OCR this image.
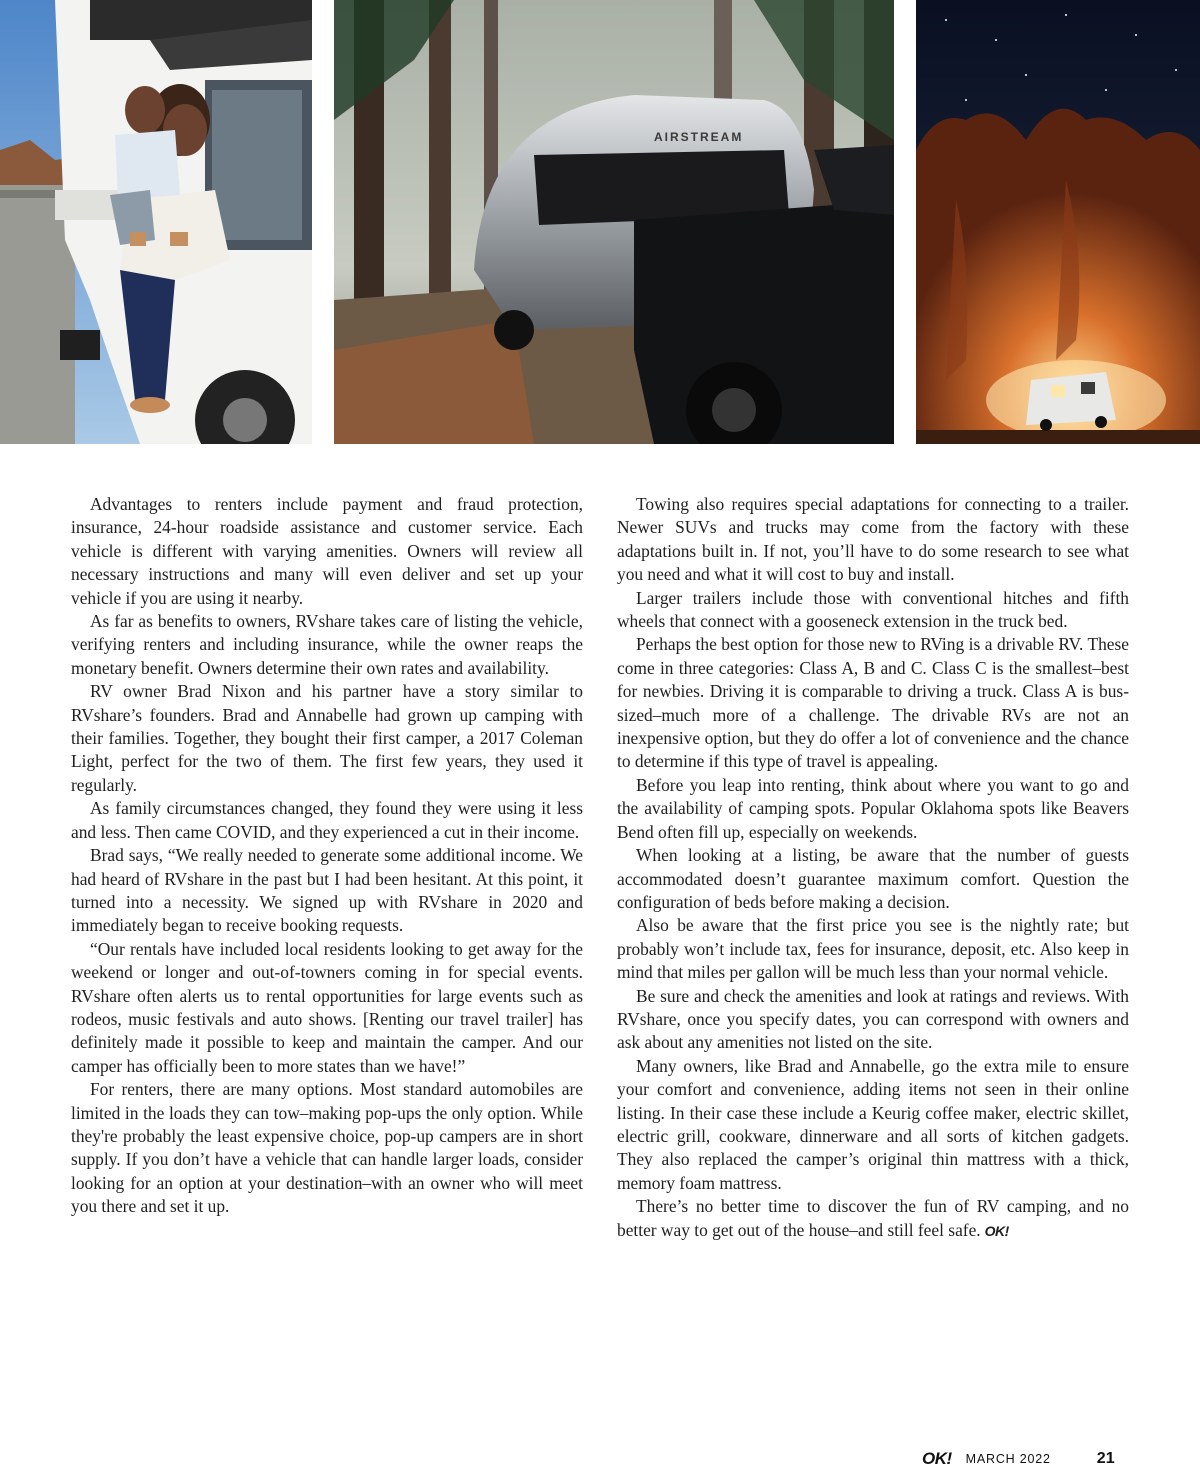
AIRSTREAM

Advantages to renters include payment and fraud protection, insurance, 24-hour roadside assistance and customer service. Each vehicle is different with varying amenities. Owners will review all necessary instructions and many will even deliver and set up your vehicle if you are using it nearby.

As far as benefits to owners, RVshare takes care of listing the vehicle, verifying renters and including insurance, while the owner reaps the monetary benefit. Owners determine their own rates and availability.

RV owner Brad Nixon and his partner have a story similar to RVshare’s founders. Brad and Annabelle had grown up camping with their families. Together, they bought their first camper, a 2017 Coleman Light, perfect for the two of them. The first few years, they used it regularly.

As family circumstances changed, they found they were using it less and less. Then came COVID, and they experienced a cut in their income.

Brad says, “We really needed to generate some additional income. We had heard of RVshare in the past but I had been hesitant. At this point, it turned into a necessity. We signed up with RVshare in 2020 and immediately began to receive booking requests.

“Our rentals have included local residents looking to get away for the weekend or longer and out-of-towners coming in for special events. RVshare often alerts us to rental opportunities for large events such as rodeos, music festivals and auto shows. [Renting our travel trailer] has definitely made it possible to keep and maintain the camper. And our camper has officially been to more states than we have!”

For renters, there are many options. Most standard automobiles are limited in the loads they can tow–making pop-ups the only option. While they're probably the least expensive choice, pop-up campers are in short supply. If you don’t have a vehicle that can handle larger loads, consider looking for an option at your destination–with an owner who will meet you there and set it up.

Towing also requires special adaptations for connecting to a trailer. Newer SUVs and trucks may come from the factory with these adaptations built in. If not, you’ll have to do some research to see what you need and what it will cost to buy and install.

Larger trailers include those with conventional hitches and fifth wheels that connect with a gooseneck extension in the truck bed.

Perhaps the best option for those new to RVing is a drivable RV. These come in three categories: Class A, B and C. Class C is the smallest–best for newbies. Driving it is comparable to driving a truck. Class A is bus-sized–much more of a challenge. The drivable RVs are not an inexpensive option, but they do offer a lot of convenience and the chance to determine if this type of travel is appealing.

Before you leap into renting, think about where you want to go and the availability of camping spots. Popular Oklahoma spots like Beavers Bend often fill up, especially on weekends.

When looking at a listing, be aware that the number of guests accommodated doesn’t guarantee maximum comfort. Question the configuration of beds before making a decision.

Also be aware that the first price you see is the nightly rate; but probably won’t include tax, fees for insurance, deposit, etc. Also keep in mind that miles per gallon will be much less than your normal vehicle.

Be sure and check the amenities and look at ratings and reviews. With RVshare, once you specify dates, you can correspond with owners and ask about any amenities not listed on the site.

Many owners, like Brad and Annabelle, go the extra mile to ensure your comfort and convenience, adding items not seen in their online listing. In their case these include a Keurig coffee maker, electric skillet, electric grill, cookware, dinnerware and all sorts of kitchen gadgets. They also replaced the camper’s original thin mattress with a thick, memory foam mattress.

There’s no better time to discover the fun of RV camping, and no better way to get out of the house–and still feel safe. OK!

OK! MARCH 2022	21
